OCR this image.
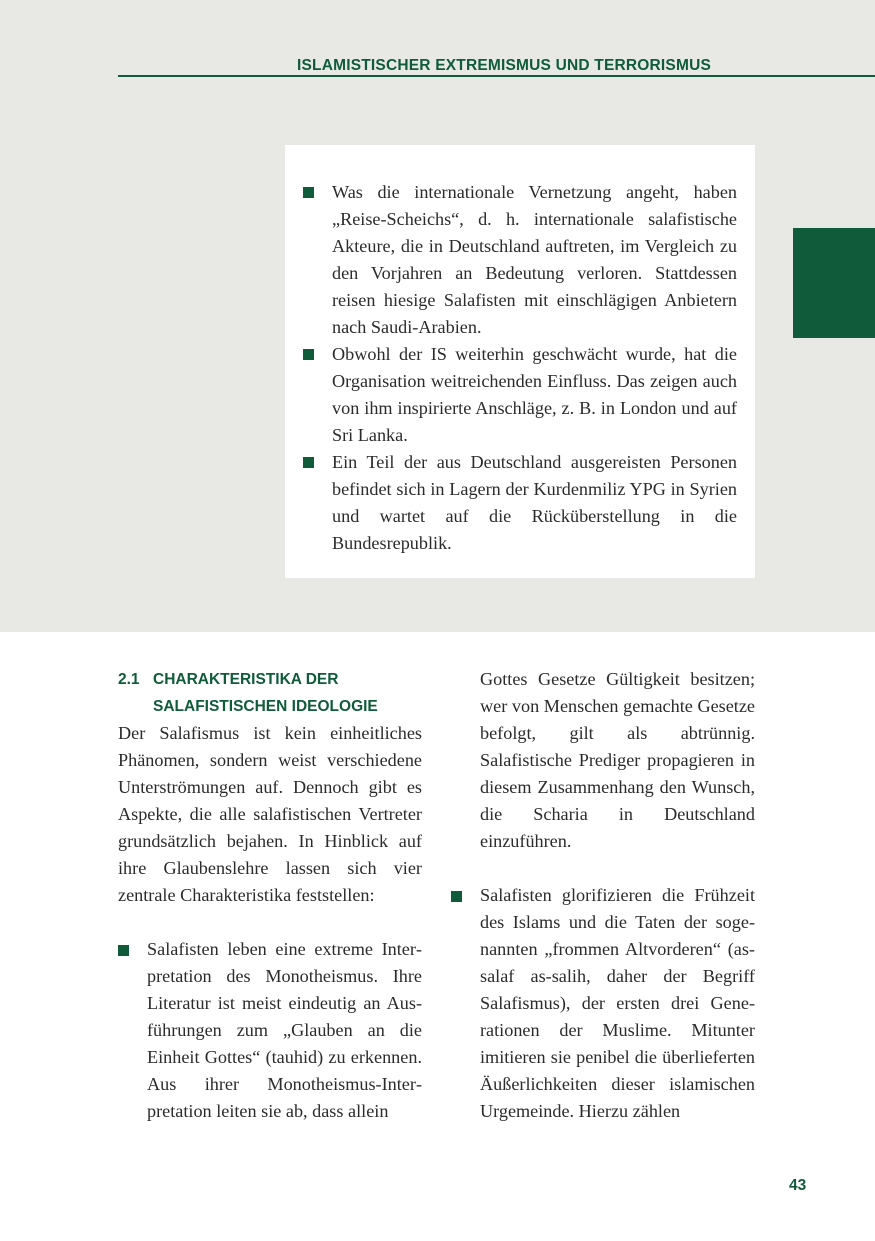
ISLAMISTISCHER EXTREMISMUS UND TERRORISMUS
Was die internationale Vernetzung angeht, haben „Reise-Scheichs“, d. h. internationale salafistische Akteure, die in Deutschland auftreten, im Vergleich zu den Vorjahren an Bedeutung verloren. Stattdessen reisen hiesige Salafisten mit einschlägigen Anbietern nach Saudi-Arabien.
Obwohl der IS weiterhin geschwächt wurde, hat die Organisation weitreichenden Einfluss. Das zeigen auch von ihm inspirierte Anschläge, z. B. in London und auf Sri Lanka.
Ein Teil der aus Deutschland ausgereisten Personen befindet sich in Lagern der Kurdenmiliz YPG in Syrien und wartet auf die Rücküberstellung in die Bundesrepublik.
2.1 CHARAKTERISTIKA DER
SALAFISTISCHEN IDEOLOGIE
Der Salafismus ist kein einheitliches Phänomen, sondern weist verschiedene Unterströmungen auf. Dennoch gibt es Aspekte, die alle salafistischen Vertreter grundsätzlich bejahen. In Hinblick auf ihre Glaubenslehre lassen sich vier zentrale Charakteristika feststellen:
Salafisten leben eine extreme Interpretation des Monotheismus. Ihre Literatur ist meist eindeutig an Ausführungen zum „Glauben an die Einheit Gottes“ (tauhid) zu erkennen. Aus ihrer Monotheismus-Interpretation leiten sie ab, dass allein
Gottes Gesetze Gültigkeit besitzen; wer von Menschen gemachte Gesetze befolgt, gilt als abtrünnig. Salafistische Prediger propagieren in diesem Zusammenhang den Wunsch, die Scharia in Deutschland einzuführen.
Salafisten glorifizieren die Frühzeit des Islams und die Taten der sogenannten „frommen Altvorderen“ (as-salaf as-salih, daher der Begriff Salafismus), der ersten drei Generationen der Muslime. Mitunter imitieren sie penibel die überlieferten Äußerlichkeiten dieser islamischen Urgemeinde. Hierzu zählen
43
